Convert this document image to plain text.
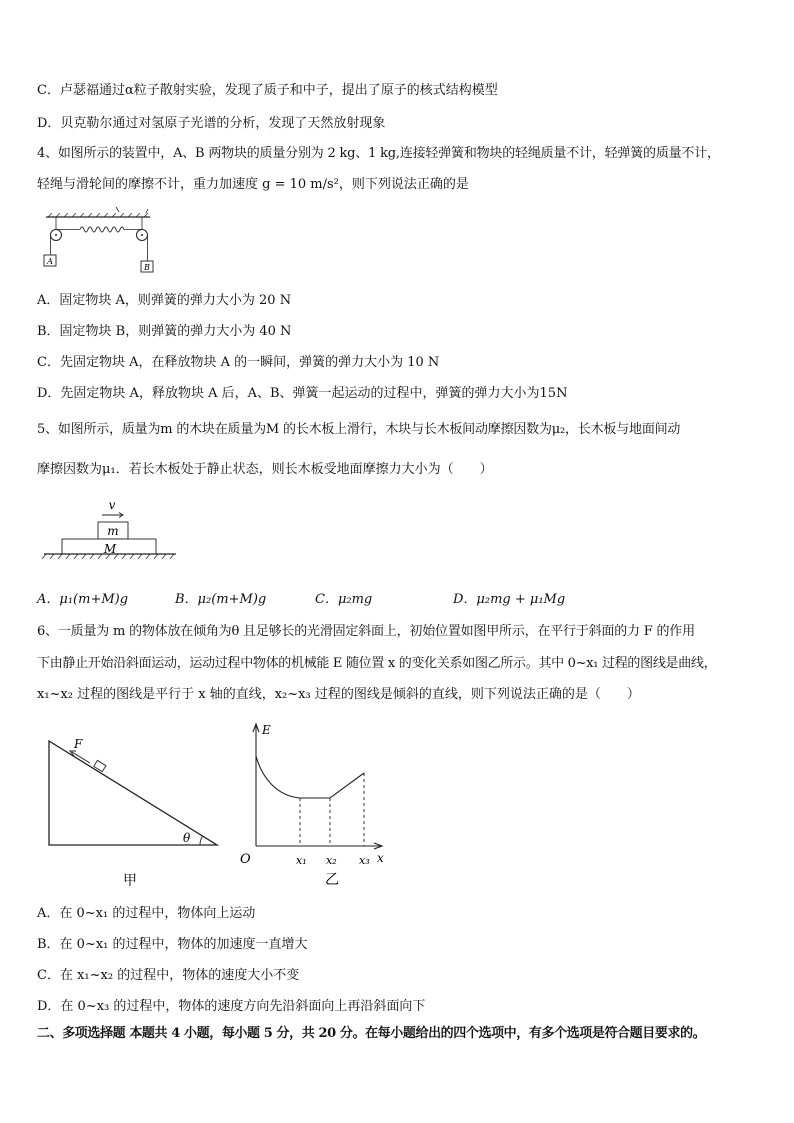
C．卢瑟福通过α粒子散射实验，发现了质子和中子，提出了原子的核式结构模型
D．贝克勒尔通过对氢原子光谱的分析，发现了天然放射现象
4、如图所示的装置中，A、B 两物块的质量分别为 2 kg、1 kg,连接轻弹簧和物块的轻绳质量不计，轻弹簧的质量不计，
轻绳与滑轮间的摩擦不计，重力加速度 g = 10 m/s²，则下列说法正确的是
A
B
A．固定物块 A，则弹簧的弹力大小为 20 N
B．固定物块 B，则弹簧的弹力大小为 40 N
C．先固定物块 A，在释放物块 A 的一瞬间，弹簧的弹力大小为 10 N
D．先固定物块 A，释放物块 A 后，A、B、弹簧一起运动的过程中，弹簧的弹力大小为15N
5、如图所示，质量为m 的木块在质量为M 的长木板上滑行，木块与长木板间动摩擦因数为μ₂，长木板与地面间动
摩擦因数为μ₁．若长木板处于静止状态，则长木板受地面摩擦力大小为（　　）
v
m
M
A．μ₁(m+M)g	B．μ₂(m+M)g	C．μ₂mg	D．μ₂mg + μ₁Mg
6、一质量为 m 的物体放在倾角为θ 且足够长的光滑固定斜面上，初始位置如图甲所示，在平行于斜面的力 F 的作用
下由静止开始沿斜面运动，运动过程中物体的机械能 E 随位置 x 的变化关系如图乙所示。其中 0~x₁ 过程的图线是曲线，
x₁~x₂ 过程的图线是平行于 x 轴的直线，x₂~x₃ 过程的图线是倾斜的直线，则下列说法正确的是（　　）
F
θ
甲
E
O	x₁ x₂ x₃ x
乙
A．在 0~x₁ 的过程中，物体向上运动
B．在 0~x₁ 的过程中，物体的加速度一直增大
C．在 x₁~x₂ 的过程中，物体的速度大小不变
D．在 0~x₃ 的过程中，物体的速度方向先沿斜面向上再沿斜面向下
二、多项选择题 本题共 4 小题，每小题 5 分，共 20 分。在每小题给出的四个选项中，有多个选项是符合题目要求的。
